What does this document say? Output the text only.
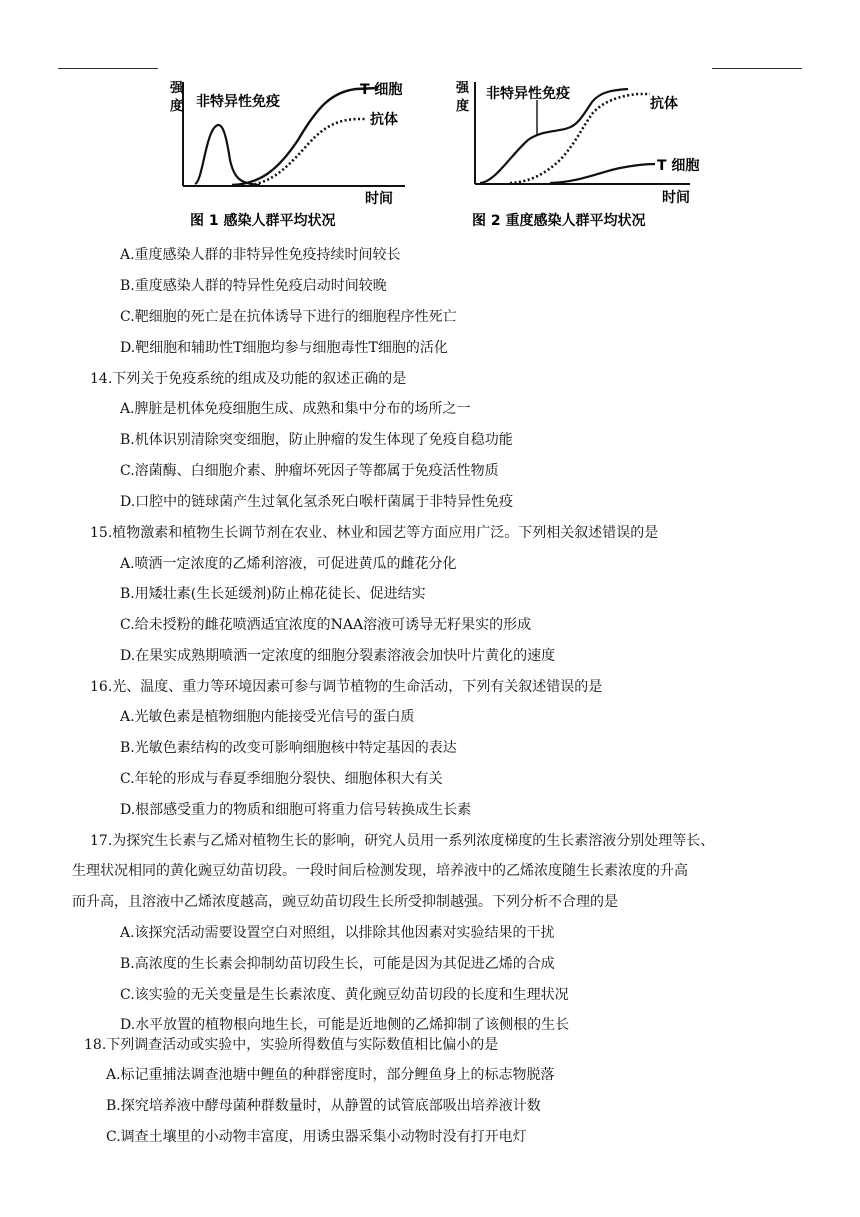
强
度 非特异性免疫
T 细胞
抗体
时间
图 1 感染人群平均状况
强
度
非特异性免疫
抗体
T 细胞
时间
图 2 重度感染人群平均状况
A.重度感染人群的非特异性免疫持续时间较长
B.重度感染人群的特异性免疫启动时间较晚
C.靶细胞的死亡是在抗体诱导下进行的细胞程序性死亡
D.靶细胞和辅助性T细胞均参与细胞毒性T细胞的活化
14.下列关于免疫系统的组成及功能的叙述正确的是
A.脾脏是机体免疫细胞生成、成熟和集中分布的场所之一
B.机体识别清除突变细胞，防止肿瘤的发生体现了免疫自稳功能
C.溶菌酶、白细胞介素、肿瘤坏死因子等都属于免疫活性物质
D.口腔中的链球菌产生过氧化氢杀死白喉杆菌属于非特异性免疫
15.植物激素和植物生长调节剂在农业、林业和园艺等方面应用广泛。下列相关叙述错误的是
A.喷洒一定浓度的乙烯利溶液，可促进黄瓜的雌花分化
B.用矮壮素(生长延缓剂)防止棉花徒长、促进结实
C.给未授粉的雌花喷洒适宜浓度的NAA溶液可诱导无籽果实的形成
D.在果实成熟期喷洒一定浓度的细胞分裂素溶液会加快叶片黄化的速度
16.光、温度、重力等环境因素可参与调节植物的生命活动，下列有关叙述错误的是
A.光敏色素是植物细胞内能接受光信号的蛋白质
B.光敏色素结构的改变可影响细胞核中特定基因的表达
C.年轮的形成与春夏季细胞分裂快、细胞体积大有关
D.根部感受重力的物质和细胞可将重力信号转换成生长素
17.为探究生长素与乙烯对植物生长的影响，研究人员用一系列浓度梯度的生长素溶液分别处理等长、
生理状况相同的黄化豌豆幼苗切段。一段时间后检测发现，培养液中的乙烯浓度随生长素浓度的升高
而升高，且溶液中乙烯浓度越高，豌豆幼苗切段生长所受抑制越强。下列分析不合理的是
A.该探究活动需要设置空白对照组，以排除其他因素对实验结果的干扰
B.高浓度的生长素会抑制幼苗切段生长，可能是因为其促进乙烯的合成
C.该实验的无关变量是生长素浓度、黄化豌豆幼苗切段的长度和生理状况
D.水平放置的植物根向地生长，可能是近地侧的乙烯抑制了该侧根的生长
18.下列调查活动或实验中，实验所得数值与实际数值相比偏小的是
A.标记重捕法调查池塘中鲤鱼的种群密度时，部分鲤鱼身上的标志物脱落
B.探究培养液中酵母菌种群数量时，从静置的试管底部吸出培养液计数
C.调查土壤里的小动物丰富度，用诱虫器采集小动物时没有打开电灯
